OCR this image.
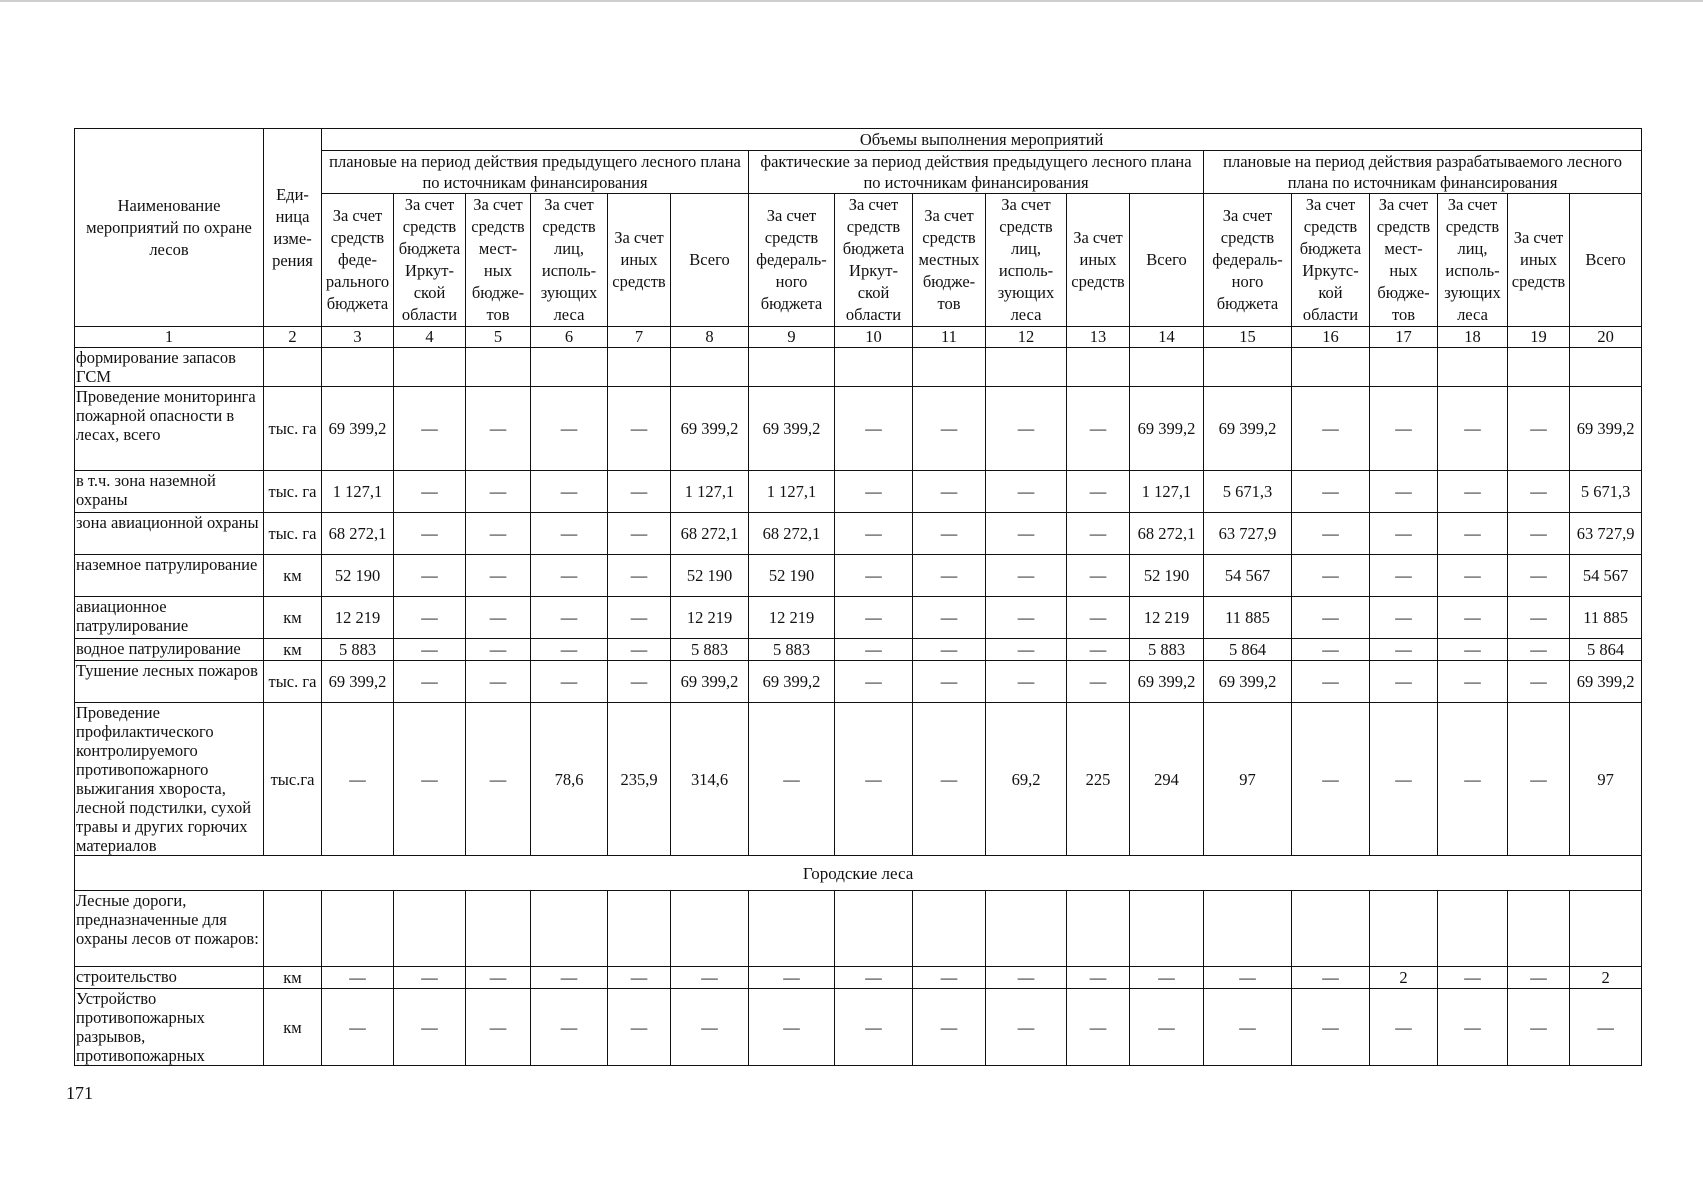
Наименование мероприятий по охране лесов	Еди-ница изме-рения	Объемы выполнения мероприятий																	
		плановые на период действия предыдущего лесного плана по источникам финансирования						фактические за период действия предыдущего лесного плана по источникам финансирования						плановые на период действия разрабатываемого лесного плана по источникам финансирования					
		За счет средств феде-рального бюджета	За счет средств бюджета Иркут-ской области	За счет средств мест-ных бюдже-тов	За счет средств лиц, исполь-зующих леса	За счет иных средств	Всего	За счет средств федераль-ного бюджета	За счет средств бюджета Иркут-ской области	За счет средств местных бюдже-тов	За счет средств лиц, исполь-зующих леса	За счет иных средств	Всего	За счет средств федераль-ного бюджета	За счет средств бюджета Иркутс-кой области	За счет средств мест-ных бюдже-тов	За счет средств лиц, исполь-зующих леса	За счет иных средств	Всего
1	2	3	4	5	6	7	8	9	10	11	12	13	14	15	16	17	18	19	20
формирование запасов ГСМ																			
Проведение мониторинга пожарной опасности в лесах, всего	тыс. га	69 399,2	—	—	—	—	69 399,2	69 399,2	—	—	—	—	69 399,2	69 399,2	—	—	—	—	69 399,2
в т.ч. зона наземной охраны	тыс. га	1 127,1	—	—	—	—	1 127,1	1 127,1	—	—	—	—	1 127,1	5 671,3	—	—	—	—	5 671,3
зона авиационной охраны	тыс. га	68 272,1	—	—	—	—	68 272,1	68 272,1	—	—	—	—	68 272,1	63 727,9	—	—	—	—	63 727,9
наземное патрулирование	км	52 190	—	—	—	—	52 190	52 190	—	—	—	—	52 190	54 567	—	—	—	—	54 567
авиационное патрулирование	км	12 219	—	—	—	—	12 219	12 219	—	—	—	—	12 219	11 885	—	—	—	—	11 885
водное патрулирование	км	5 883	—	—	—	—	5 883	5 883	—	—	—	—	5 883	5 864	—	—	—	—	5 864
Тушение лесных пожаров	тыс. га	69 399,2	—	—	—	—	69 399,2	69 399,2	—	—	—	—	69 399,2	69 399,2	—	—	—	—	69 399,2
Проведение профилактического контролируемого противопожарного выжигания хвороста, лесной подстилки, сухой травы и других горючих материалов	тыс.га	—	—	—	78,6	235,9	314,6	—	—	—	69,2	225	294	97	—	—	—	—	97
Городские леса																			
Лесные дороги, предназначенные для охраны лесов от пожаров:																			
строительство	км	—	—	—	—	—	—	—	—	—	—	—	—	—	—	2	—	—	2
Устройство противопожарных разрывов, противопожарных	км	—	—	—	—	—	—	—	—	—	—	—	—	—	—	—	—	—	—
171
